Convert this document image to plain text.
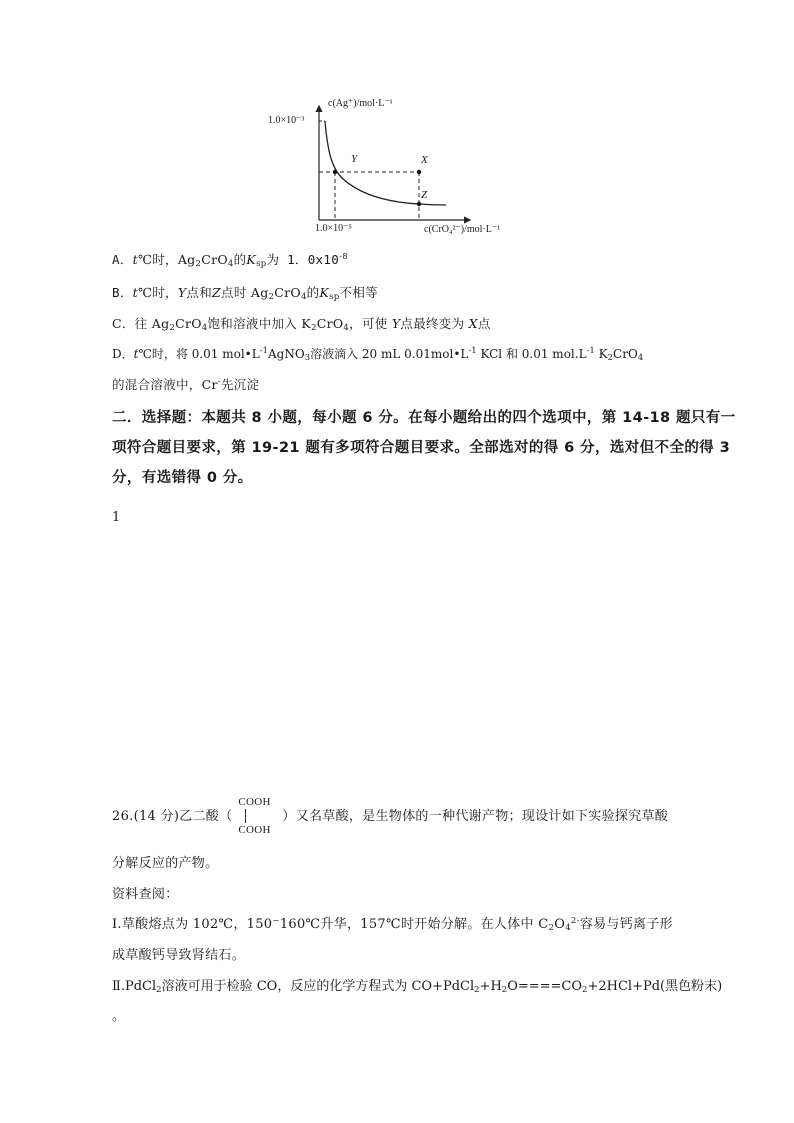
c(Ag⁺)/mol·L⁻¹
1.0×10⁻³
1.0×10⁻⁵	c(CrO₄²⁻)/mol·L⁻¹
Y	X
Z
A．t℃时，$Ag_2CrO_4$的$K_{sp}$为 1．$0x10^{-8}$
B．t℃时，Y点和Z点时 $Ag_2CrO_4$的$K_{sp}$不相等
C．往 $Ag_2CrO_4$饱和溶液中加入 $K_2CrO_4$，可使 Y点最终变为 X点
D．t℃时，将 0.01 $mol•L^{-1}AgNO_3$溶液滴入 20 mL $0.01mol•L^{-1}$ KCl 和 0.01 $mol.L^{-1}$ $K_2CrO_4$
的混合溶液中，Cr-先沉淀
二．选择题：本题共 8 小题，每小题 6 分。在每小题给出的四个选项中，第 14-18 题只有一
项符合题目要求，第 19-21 题有多项符合题目要求。全部选对的得 6 分，选对但不全的得 3
分，有选错得 0 分。
1
26.(14 分)乙二酸（
COOH
COOH
）又名草酸，是生物体的一种代谢产物；现设计如下实验探究草酸
分解反应的产物。
资料查阅：
Ⅰ.草酸熔点为 102℃，150~160℃升华，157℃时开始分解。在人体中 $C_2O_4^{2-}$容易与钙离子形
成草酸钙导致肾结石。
Ⅱ.PdCl$_2$溶液可用于检验 CO，反应的化学方程式为 $CO+PdCl_2+H_2O====CO_2+2HCl+Pd$(黑色粉末)
。
